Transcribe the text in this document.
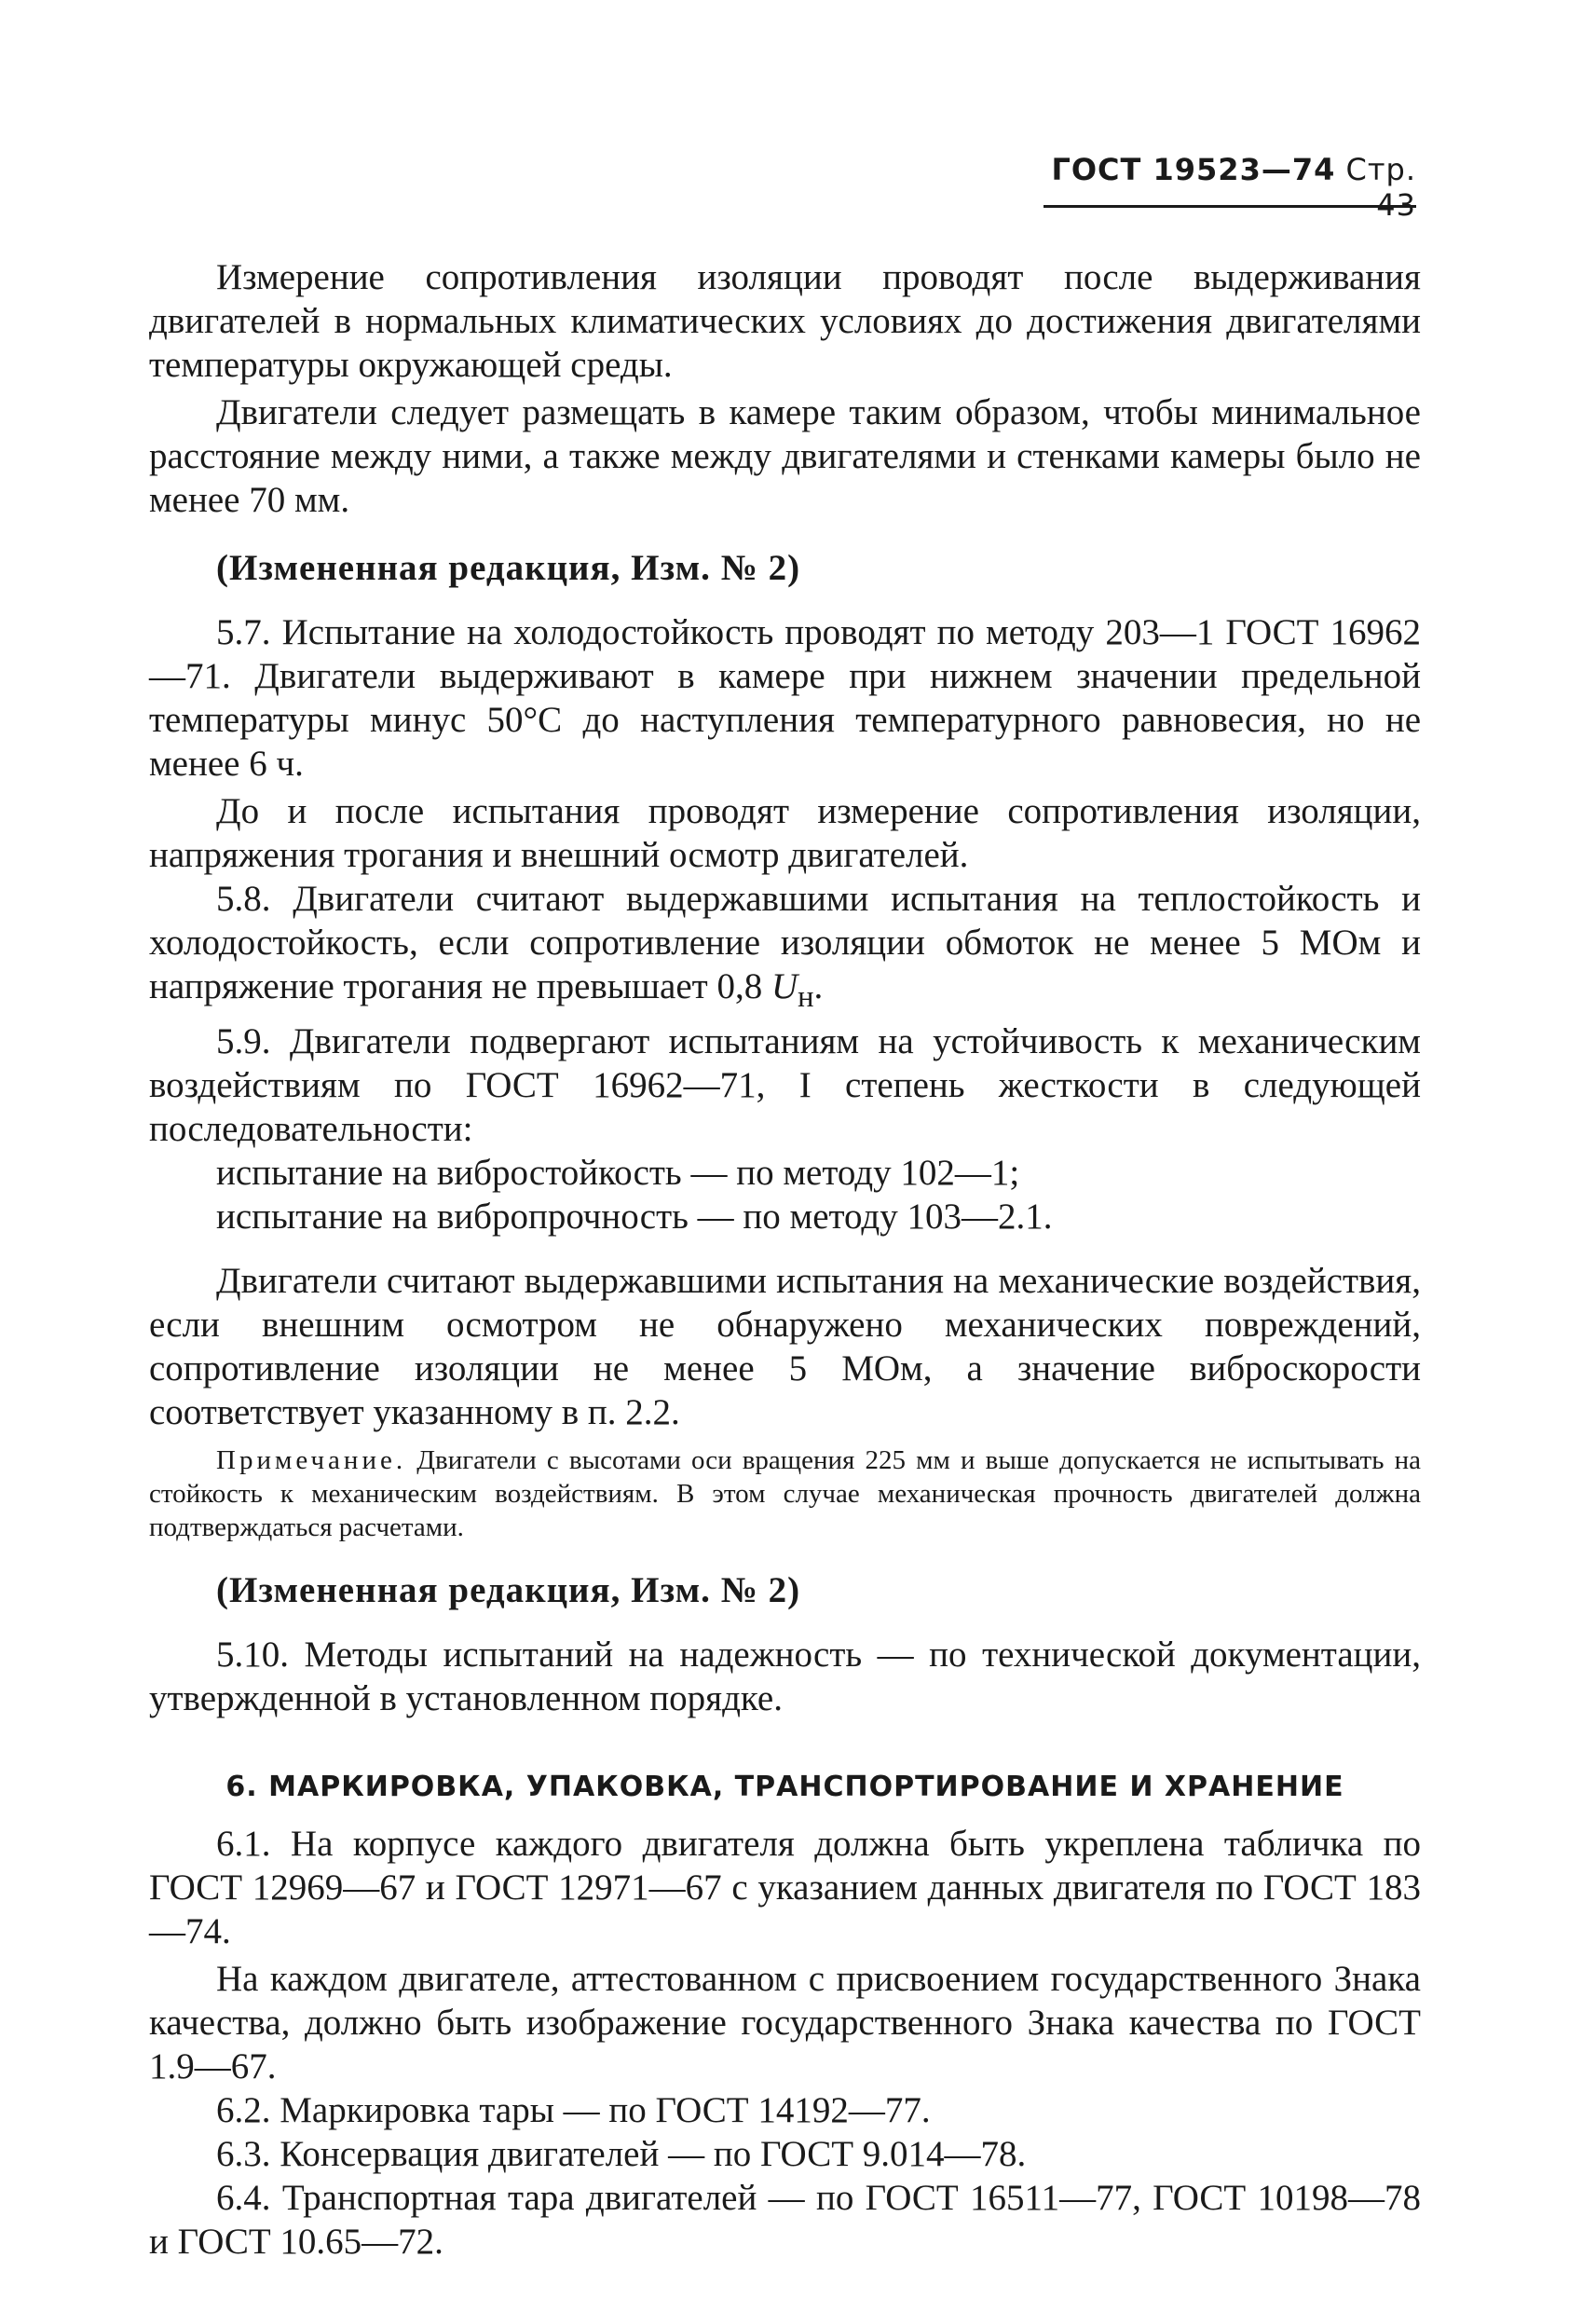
ГОСТ 19523—74 Стр. 43

Измерение сопротивления изоляции проводят после выдерживания двигателей в нормальных климатических условиях до достижения двигателями температуры окружающей среды.

Двигатели следует размещать в камере таким образом, чтобы минимальное расстояние между ними, а также между двигателями и стенками камеры было не менее 70 мм.

(Измененная редакция, Изм. № 2)

5.7. Испытание на холодостойкость проводят по методу 203—1 ГОСТ 16962—71. Двигатели выдерживают в камере при нижнем значении предельной температуры минус 50°С до наступления температурного равновесия, но не менее 6 ч.

До и после испытания проводят измерение сопротивления изоляции, напряжения трогания и внешний осмотр двигателей.

5.8. Двигатели считают выдержавшими испытания на теплостойкость и холодостойкость, если сопротивление изоляции обмоток не менее 5 МОм и напряжение трогания не превышает 0,8 $U_н$.

5.9. Двигатели подвергают испытаниям на устойчивость к механическим воздействиям по ГОСТ 16962—71, I степень жесткости в следующей последовательности:

испытание на вибростойкость — по методу 102—1;
испытание на вибропрочность — по методу 103—2.1.

Двигатели считают выдержавшими испытания на механические воздействия, если внешним осмотром не обнаружено механических повреждений, сопротивление изоляции не менее 5 МОм, а значение виброскорости соответствует указанному в п. 2.2.

Примечание. Двигатели с высотами оси вращения 225 мм и выше допускается не испытывать на стойкость к механическим воздействиям. В этом случае механическая прочность двигателей должна подтверждаться расчетами.

(Измененная редакция, Изм. № 2)

5.10. Методы испытаний на надежность — по технической документации, утвержденной в установленном порядке.

6. МАРКИРОВКА, УПАКОВКА, ТРАНСПОРТИРОВАНИЕ И ХРАНЕНИЕ

6.1. На корпусе каждого двигателя должна быть укреплена табличка по ГОСТ 12969—67 и ГОСТ 12971—67 с указанием данных двигателя по ГОСТ 183—74.

На каждом двигателе, аттестованном с присвоением государственного Знака качества, должно быть изображение государственного Знака качества по ГОСТ 1.9—67.

6.2. Маркировка тары — по ГОСТ 14192—77.

6.3. Консервация двигателей — по ГОСТ 9.014—78.

6.4. Транспортная тара двигателей — по ГОСТ 16511—77, ГОСТ 10198—78 и ГОСТ 10.65—72.
